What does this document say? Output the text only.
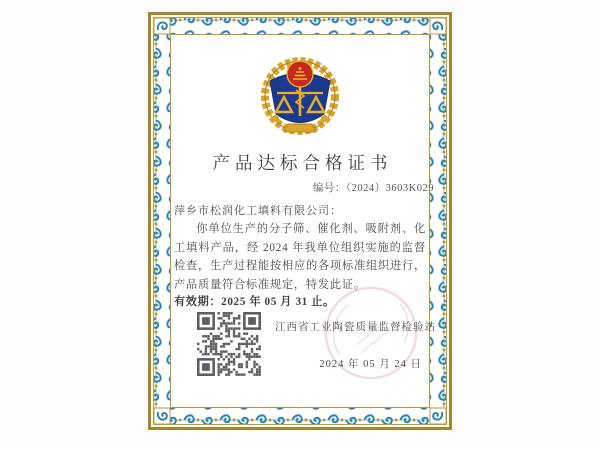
产品达标合格证书
编号：（2024）3603K029
萍乡市松润化工填料有限公司：
你单位生产的分子筛、催化剂、吸附剂、化工填料产品，经 2024 年我单位组织实施的监督检查，生产过程能按相应的各项标准组织进行，产品质量符合标准规定，特发此证。
有效期：2025 年 05 月 31 止。
江西省工业陶瓷质量监督检验站
2024 年 05 月 24 日
